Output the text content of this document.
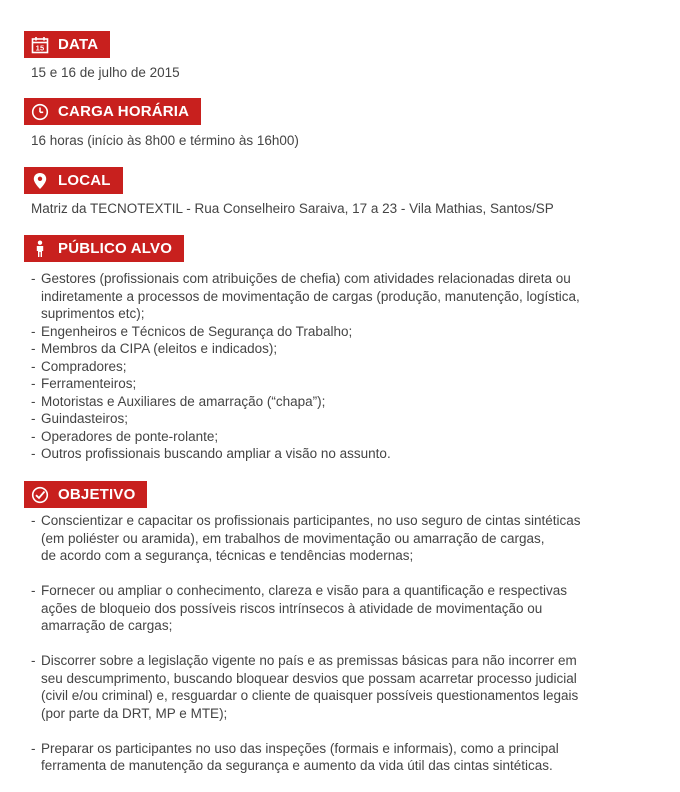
15 DATA
15 e 16 de julho de 2015
CARGA HORÁRIA
16 horas (início às 8h00 e término às 16h00)
LOCAL
Matriz da TECNOTEXTIL - Rua Conselheiro Saraiva, 17 a 23 - Vila Mathias, Santos/SP
PÚBLICO ALVO
- Gestores (profissionais com atribuições de chefia) com atividades relacionadas direta ou
indiretamente a processos de movimentação de cargas (produção, manutenção, logística,
suprimentos etc);
- Engenheiros e Técnicos de Segurança do Trabalho;
- Membros da CIPA (eleitos e indicados);
- Compradores;
- Ferramenteiros;
- Motoristas e Auxiliares de amarração (“chapa”);
- Guindasteiros;
- Operadores de ponte-rolante;
- Outros profissionais buscando ampliar a visão no assunto.
OBJETIVO
- Conscientizar e capacitar os profissionais participantes, no uso seguro de cintas sintéticas
(em poliéster ou aramida), em trabalhos de movimentação ou amarração de cargas,
de acordo com a segurança, técnicas e tendências modernas;
- Fornecer ou ampliar o conhecimento, clareza e visão para a quantificação e respectivas
ações de bloqueio dos possíveis riscos intrínsecos à atividade de movimentação ou
amarração de cargas;
- Discorrer sobre a legislação vigente no país e as premissas básicas para não incorrer em
seu descumprimento, buscando bloquear desvios que possam acarretar processo judicial
(civil e/ou criminal) e, resguardar o cliente de quaisquer possíveis questionamentos legais
(por parte da DRT, MP e MTE);
- Preparar os participantes no uso das inspeções (formais e informais), como a principal
ferramenta de manutenção da segurança e aumento da vida útil das cintas sintéticas.
